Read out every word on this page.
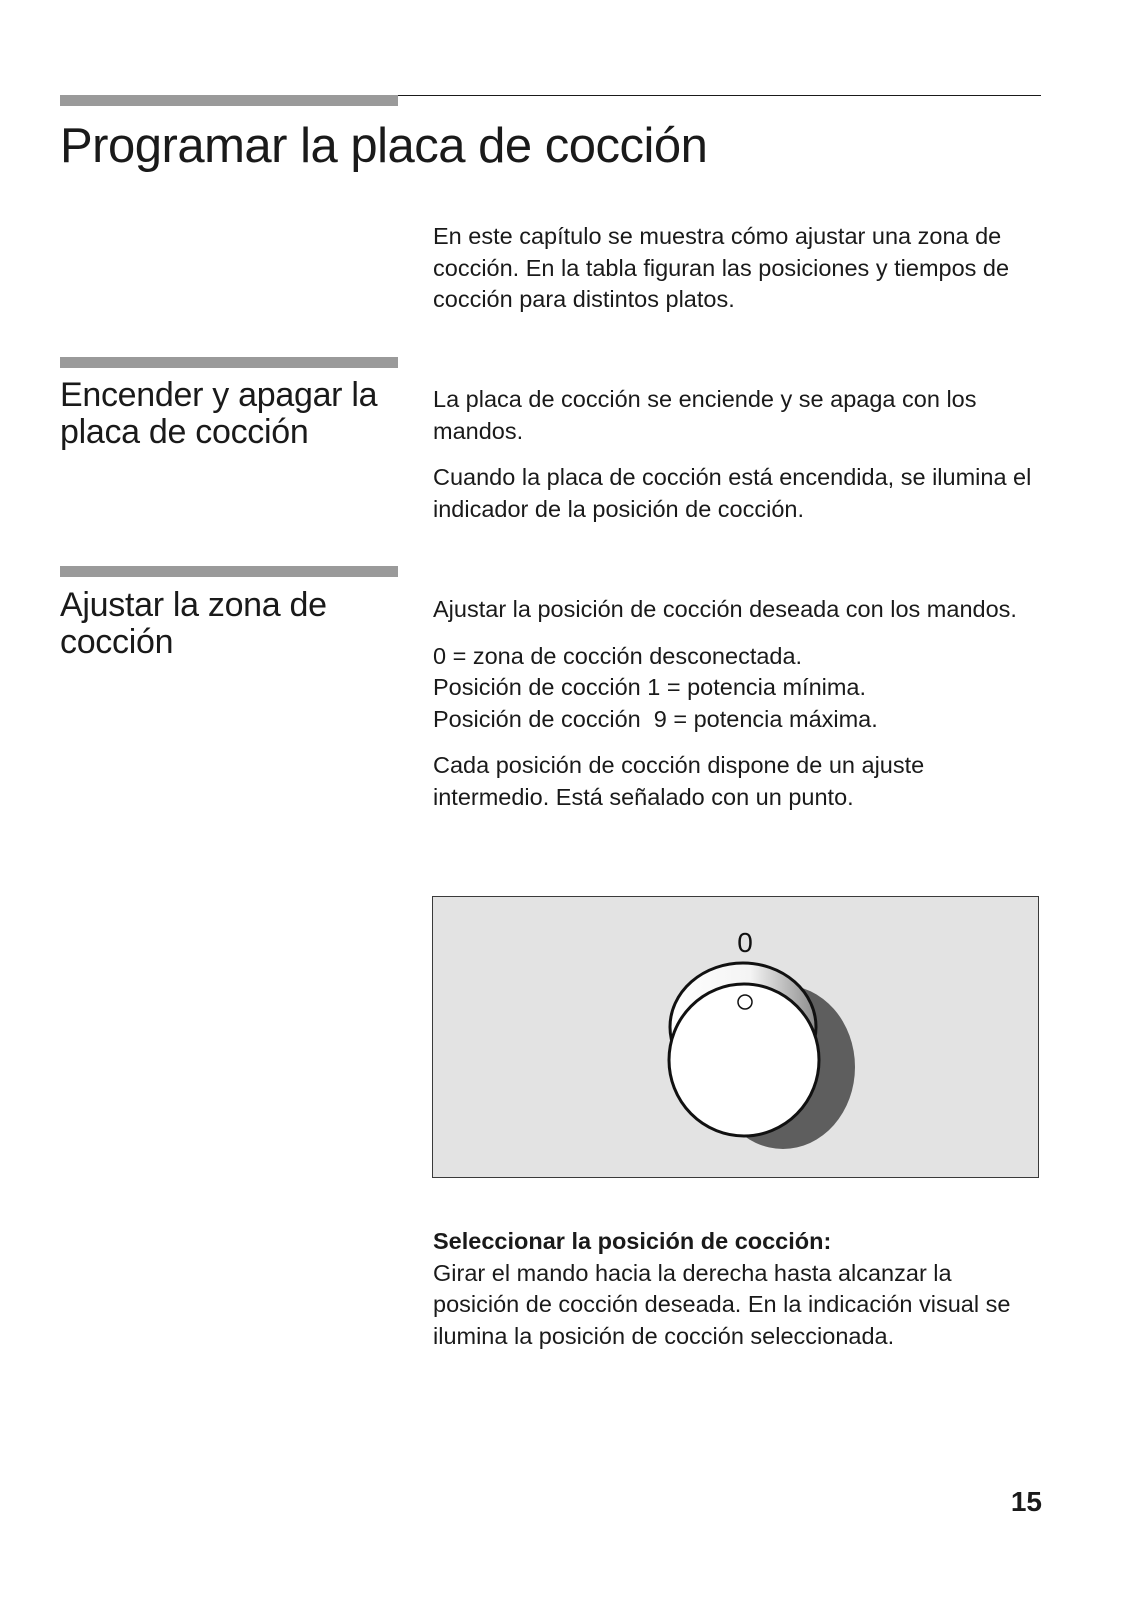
Programar la placa de cocción

En este capítulo se muestra cómo ajustar una zona de cocción. En la tabla figuran las posiciones y tiempos de cocción para distintos platos.

Encender y apagar la placa de cocción

La placa de cocción se enciende y se apaga con los mandos.

Cuando la placa de cocción está encendida, se ilumina el indicador de la posición de cocción.

Ajustar la zona de cocción

Ajustar la posición de cocción deseada con los mandos.

0 = zona de cocción desconectada.

Posición de cocción 1 = potencia mínima.

Posición de cocción  9 = potencia máxima.

Cada posición de cocción dispone de un ajuste intermedio. Está señalado con un punto.

0

Seleccionar la posición de cocción:

Girar el mando hacia la derecha hasta alcanzar la posición de cocción deseada. En la indicación visual se ilumina la posición de cocción seleccionada.

15
